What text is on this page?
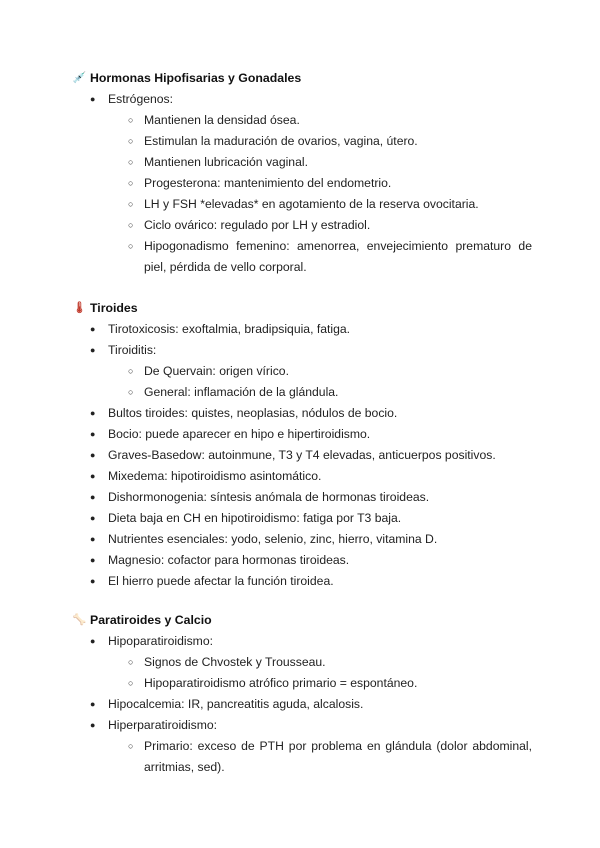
💉 Hormonas Hipofisarias y Gonadales
● Estrógenos:
○ Mantienen la densidad ósea.
○ Estimulan la maduración de ovarios, vagina, útero.
○ Mantienen lubricación vaginal.
○ Progesterona: mantenimiento del endometrio.
○ LH y FSH *elevadas* en agotamiento de la reserva ovocitaria.
○ Ciclo ovárico: regulado por LH y estradiol.
○ Hipogonadismo femenino: amenorrea, envejecimiento prematuro de piel, pérdida de vello corporal.
🌡 Tiroides
● Tirotoxicosis: exoftalmia, bradipsiquia, fatiga.
● Tiroiditis:
○ De Quervain: origen vírico.
○ General: inflamación de la glándula.
● Bultos tiroides: quistes, neoplasias, nódulos de bocio.
● Bocio: puede aparecer en hipo e hipertiroidismo.
● Graves-Basedow: autoinmune, T3 y T4 elevadas, anticuerpos positivos.
● Mixedema: hipotiroidismo asintomático.
● Dishormonogenia: síntesis anómala de hormonas tiroideas.
● Dieta baja en CH en hipotiroidismo: fatiga por T3 baja.
● Nutrientes esenciales: yodo, selenio, zinc, hierro, vitamina D.
● Magnesio: cofactor para hormonas tiroideas.
● El hierro puede afectar la función tiroidea.
🦴 Paratiroides y Calcio
● Hipoparatiroidismo:
○ Signos de Chvostek y Trousseau.
○ Hipoparatiroidismo atrófico primario = espontáneo.
● Hipocalcemia: IR, pancreatitis aguda, alcalosis.
● Hiperparatiroidismo:
○ Primario: exceso de PTH por problema en glándula (dolor abdominal, arritmias, sed).
